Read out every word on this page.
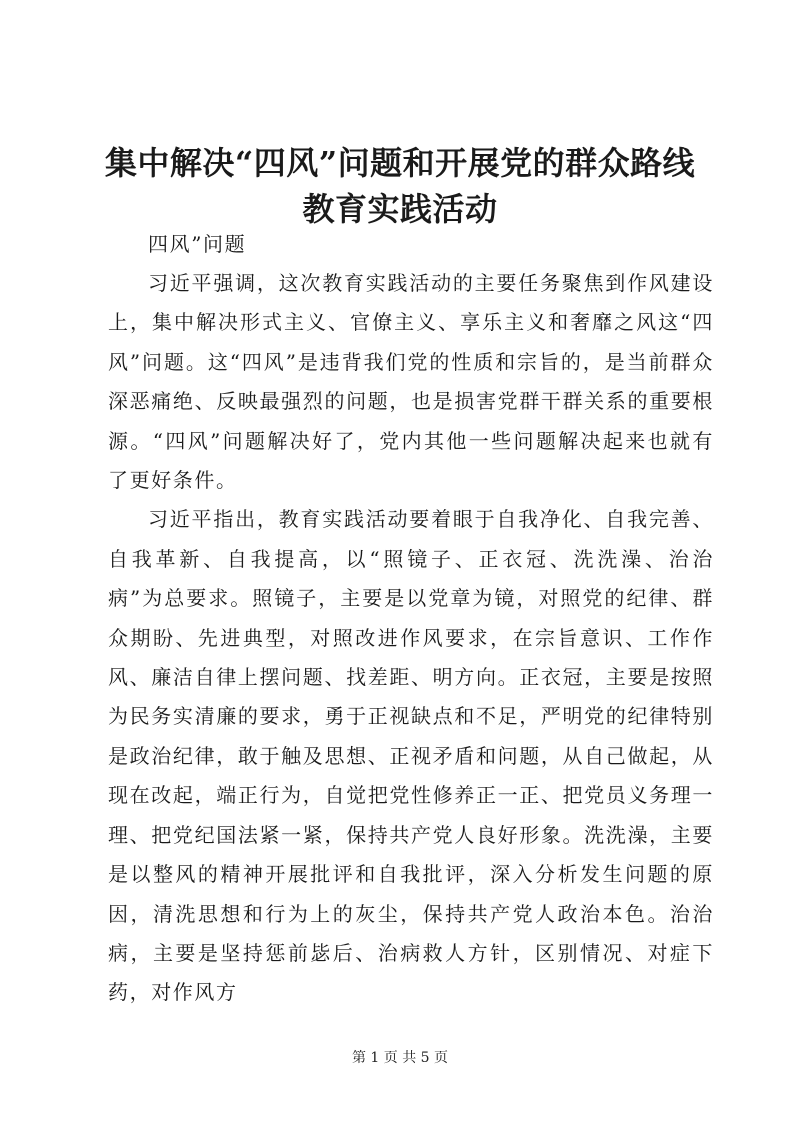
集中解决“四风”问题和开展党的群众路线教育实践活动

四风”问题

习近平强调，这次教育实践活动的主要任务聚焦到作风建设上，集中解决形式主义、官僚主义、享乐主义和奢靡之风这“四风”问题。这“四风”是违背我们党的性质和宗旨的，是当前群众深恶痛绝、反映最强烈的问题，也是损害党群干群关系的重要根源。“四风”问题解决好了，党内其他一些问题解决起来也就有了更好条件。

习近平指出，教育实践活动要着眼于自我净化、自我完善、自我革新、自我提高，以“照镜子、正衣冠、洗洗澡、治治病”为总要求。照镜子，主要是以党章为镜，对照党的纪律、群众期盼、先进典型，对照改进作风要求，在宗旨意识、工作作风、廉洁自律上摆问题、找差距、明方向。正衣冠，主要是按照为民务实清廉的要求，勇于正视缺点和不足，严明党的纪律特别是政治纪律，敢于触及思想、正视矛盾和问题，从自己做起，从现在改起，端正行为，自觉把党性修养正一正、把党员义务理一理、把党纪国法紧一紧，保持共产党人良好形象。洗洗澡，主要是以整风的精神开展批评和自我批评，深入分析发生问题的原因，清洗思想和行为上的灰尘，保持共产党人政治本色。治治病，主要是坚持惩前毖后、治病救人方针，区别情况、对症下药，对作风方

第 1 页 共 5 页
